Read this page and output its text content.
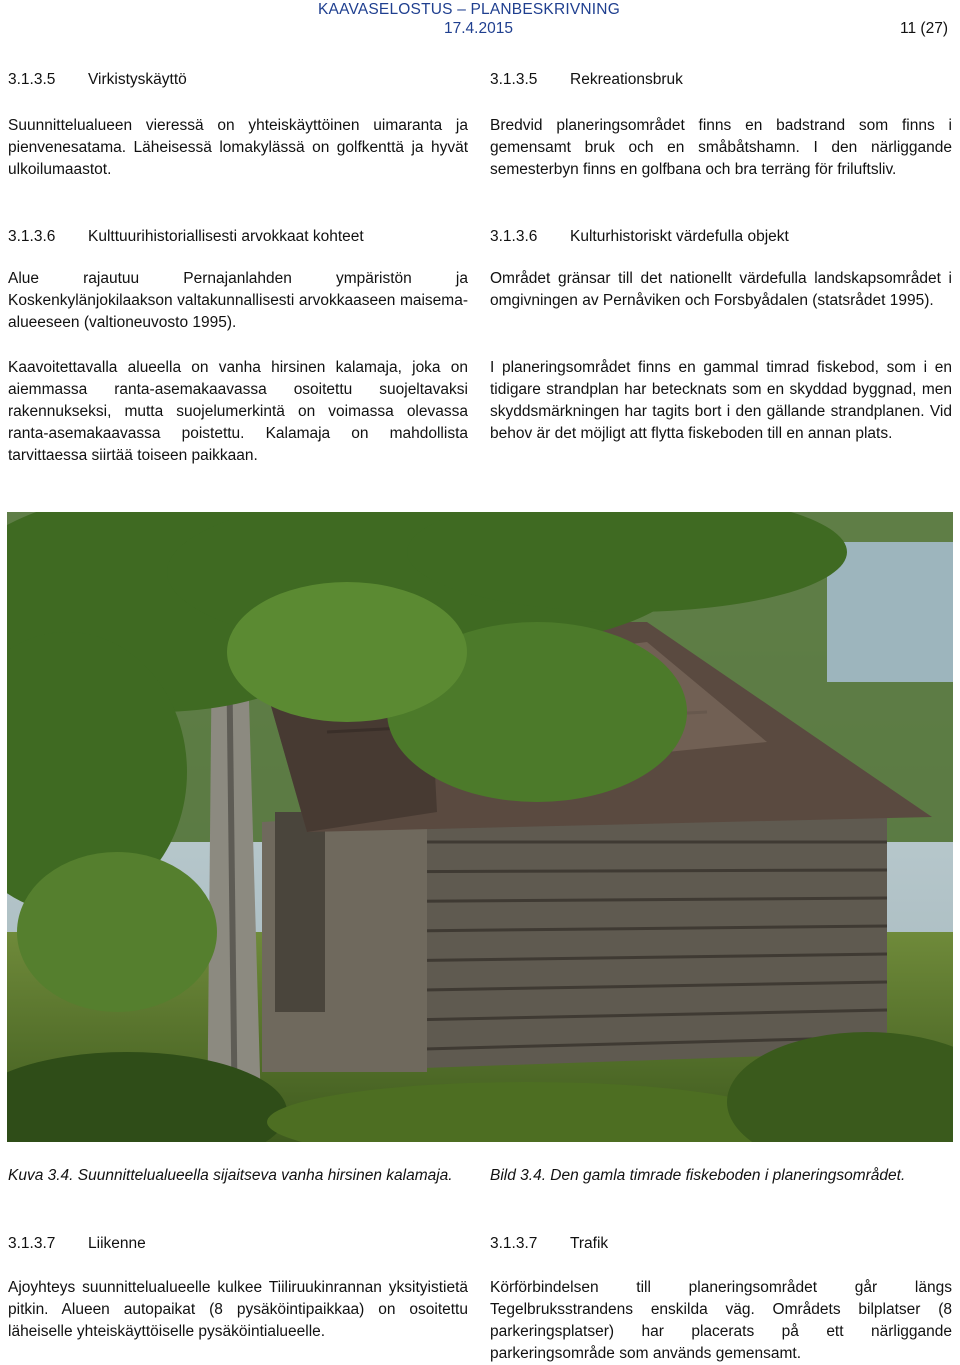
KAAVASELOSTUS – PLANBESKRIVNING
17.4.2015	11 (27)
3.1.3.5 Virkistyskäyttö

Suunnittelualueen vieressä on yhteiskäyttöinen uimaranta ja pienvenesatama. Läheisessä lomakylässä on golfkenttä ja hyvät ulkoilumaastot.

3.1.3.6 Kulttuurihistoriallisesti arvokkaat kohteet

Alue rajautuu Pernajanlahden ympäristön ja Koskenkylänjokilaakson valtakunnallisesti arvokkaaseen maisema-alueeseen (valtioneuvosto 1995).

Kaavoitettavalla alueella on vanha hirsinen kalamaja, joka on aiemmassa ranta-asemakaavassa osoitettu suojeltavaksi rakennukseksi, mutta suojelumerkintä on voimassa olevassa ranta-asemakaavassa poistettu. Kalamaja on mahdollista tarvittaessa siirtää toiseen paikkaan.

Kuva 3.4. Suunnittelualueella sijaitseva vanha hirsinen kalamaja.

3.1.3.7 Liikenne

Ajoyhteys suunnittelualueelle kulkee Tiiliruukinrannan yksityistietä pitkin. Alueen autopaikat (8 pysäköintipaikkaa) on osoitettu läheiselle yhteiskäyttöiselle pysäköintialueelle.

3.1.3.5 Rekreationsbruk

Bredvid planeringsområdet finns en badstrand som finns i gemensamt bruk och en småbåtshamn. I den närliggande semesterbyn finns en golfbana och bra terräng för friluftsliv.

3.1.3.6 Kulturhistoriskt värdefulla objekt

Området gränsar till det nationellt värdefulla landskapsområdet i omgivningen av Pernåviken och Forsbyådalen (statsrådet 1995).

I planeringsområdet finns en gammal timrad fiskebod, som i en tidigare strandplan har betecknats som en skyddad byggnad, men skyddsmärkningen har tagits bort i den gällande strandplanen. Vid behov är det möjligt att flytta fiskeboden till en annan plats.

Bild 3.4. Den gamla timrade fiskeboden i planeringsområdet.

3.1.3.7 Trafik

Körförbindelsen till planeringsområdet går längs Tegelbruksstrandens enskilda väg. Områdets bilplatser (8 parkeringsplatser) har placerats på ett närliggande parkeringsområde som används gemensamt.
